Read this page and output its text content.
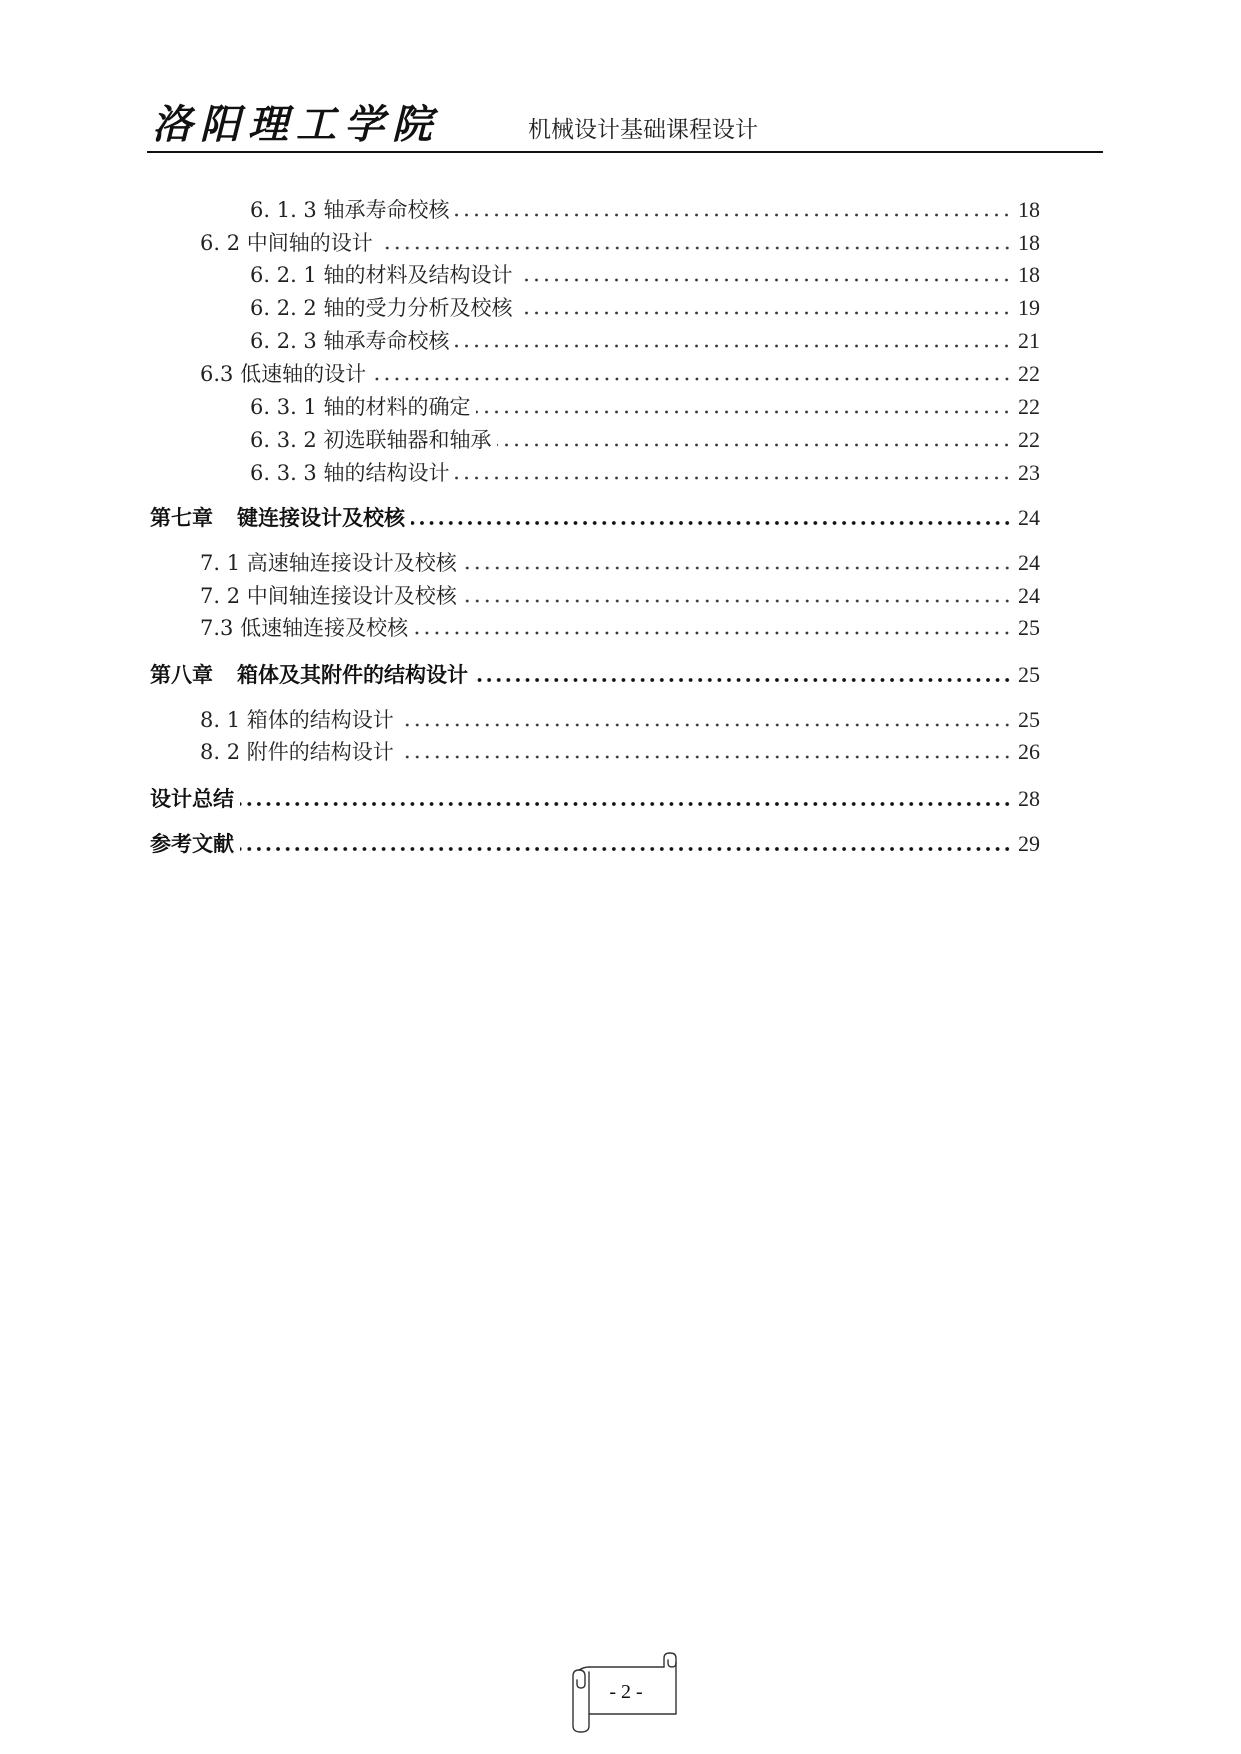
洛阳理工学院	机械设计基础课程设计
6. 1. 3 轴承寿命校核	18
6. 2 中间轴的设计	18
6. 2. 1 轴的材料及结构设计	18
6. 2. 2 轴的受力分析及校核	19
6. 2. 3 轴承寿命校核	21
6.3 低速轴的设计	22
6. 3. 1 轴的材料的确定	22
6. 3. 2 初选联轴器和轴承	22
6. 3. 3 轴的结构设计	23
第七章 键连接设计及校核	24
7. 1 高速轴连接设计及校核	24
7. 2 中间轴连接设计及校核	24
7.3 低速轴连接及校核	25
第八章 箱体及其附件的结构设计	25
8. 1 箱体的结构设计	25
8. 2 附件的结构设计	26
设计总结	28
参考文献	29
- 2 -
